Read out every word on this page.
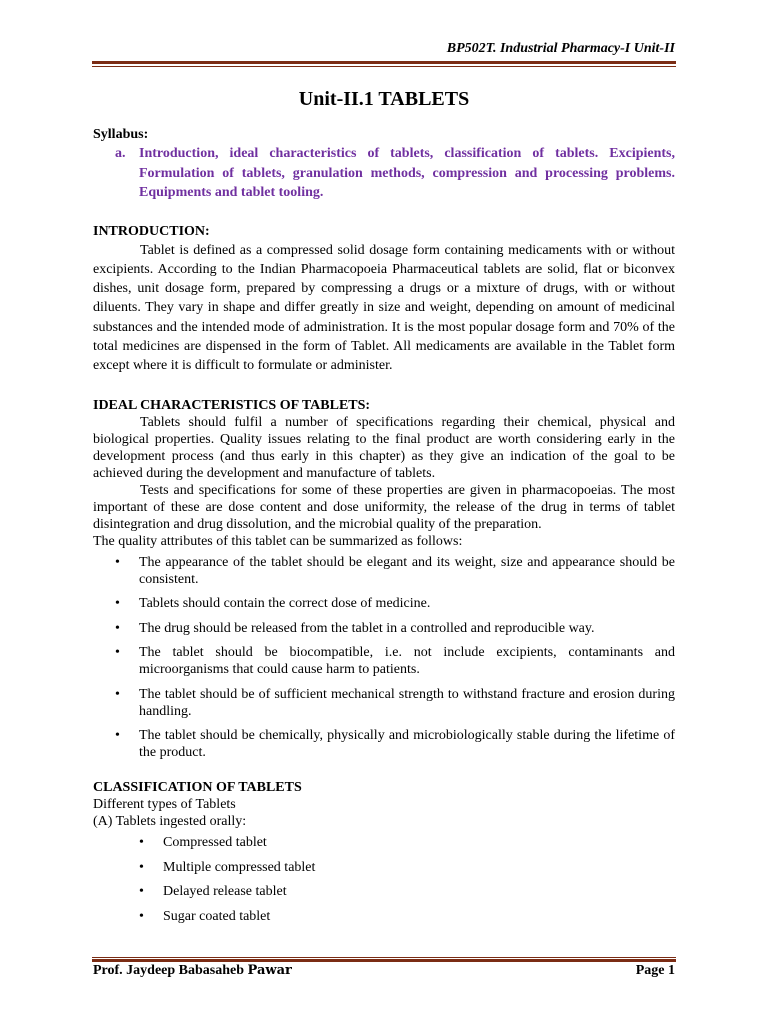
BP502T. Industrial Pharmacy-I Unit-II
Unit-II.1 TABLETS
Syllabus:
a. Introduction, ideal characteristics of tablets, classification of tablets. Excipients, Formulation of tablets, granulation methods, compression and processing problems. Equipments and tablet tooling.
INTRODUCTION:
Tablet is defined as a compressed solid dosage form containing medicaments with or without excipients. According to the Indian Pharmacopoeia Pharmaceutical tablets are solid, flat or biconvex dishes, unit dosage form, prepared by compressing a drugs or a mixture of drugs, with or without diluents. They vary in shape and differ greatly in size and weight, depending on amount of medicinal substances and the intended mode of administration. It is the most popular dosage form and 70% of the total medicines are dispensed in the form of Tablet. All medicaments are available in the Tablet form except where it is difficult to formulate or administer.
IDEAL CHARACTERISTICS OF TABLETS:
Tablets should fulfil a number of specifications regarding their chemical, physical and biological properties. Quality issues relating to the final product are worth considering early in the development process (and thus early in this chapter) as they give an indication of the goal to be achieved during the development and manufacture of tablets.
Tests and specifications for some of these properties are given in pharmacopoeias. The most important of these are dose content and dose uniformity, the release of the drug in terms of tablet disintegration and drug dissolution, and the microbial quality of the preparation.
The quality attributes of this tablet can be summarized as follows:
•	The appearance of the tablet should be elegant and its weight, size and appearance should be consistent.
•	Tablets should contain the correct dose of medicine.
•	The drug should be released from the tablet in a controlled and reproducible way.
•	The tablet should be biocompatible, i.e. not include excipients, contaminants and microorganisms that could cause harm to patients.
•	The tablet should be of sufficient mechanical strength to withstand fracture and erosion during handling.
•	The tablet should be chemically, physically and microbiologically stable during the lifetime of the product.
CLASSIFICATION OF TABLETS
Different types of Tablets
(A) Tablets ingested orally:
•	Compressed tablet
•	Multiple compressed tablet
•	Delayed release tablet
•	Sugar coated tablet
Prof. Jaydeep Babasaheb Pawar	Page 1
